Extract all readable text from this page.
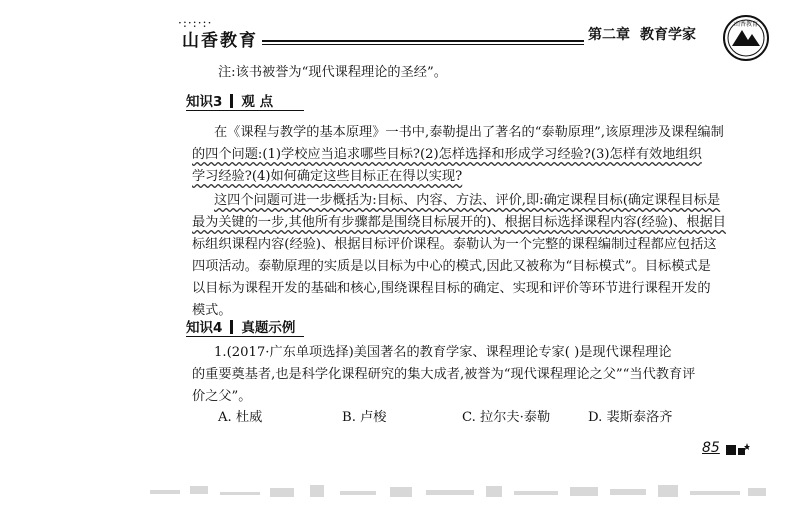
·:·:·:·
山香教育	第二章 教育学家
山香教育
注:该书被誉为“现代课程理论的圣经”。
知识3 观 点
在《课程与教学的基本原理》一书中,泰勒提出了著名的“泰勒原理”,该原理涉及课程编制
的四个问题:(1)学校应当追求哪些目标?(2)怎样选择和形成学习经验?(3)怎样有效地组织
学习经验?(4)如何确定这些目标正在得以实现?
这四个问题可进一步概括为:目标、内容、方法、评价,即:确定课程目标(确定课程目标是
最为关键的一步,其他所有步骤都是围绕目标展开的)、根据目标选择课程内容(经验)、根据目
标组织课程内容(经验)、根据目标评价课程。泰勒认为一个完整的课程编制过程都应包括这
四项活动。泰勒原理的实质是以目标为中心的模式,因此又被称为“目标模式”。目标模式是
以目标为课程开发的基础和核心,围绕课程目标的确定、实现和评价等环节进行课程开发的
模式。
知识4 真题示例
1.(2017·广东单项选择)美国著名的教育学家、课程理论专家( )是现代课程理论
的重要奠基者,也是科学化课程研究的集大成者,被誉为“现代课程理论之父”“当代教育评
价之父”。
A. 杜威	B. 卢梭	C. 拉尔夫·泰勒	D. 裴斯泰洛齐
85
